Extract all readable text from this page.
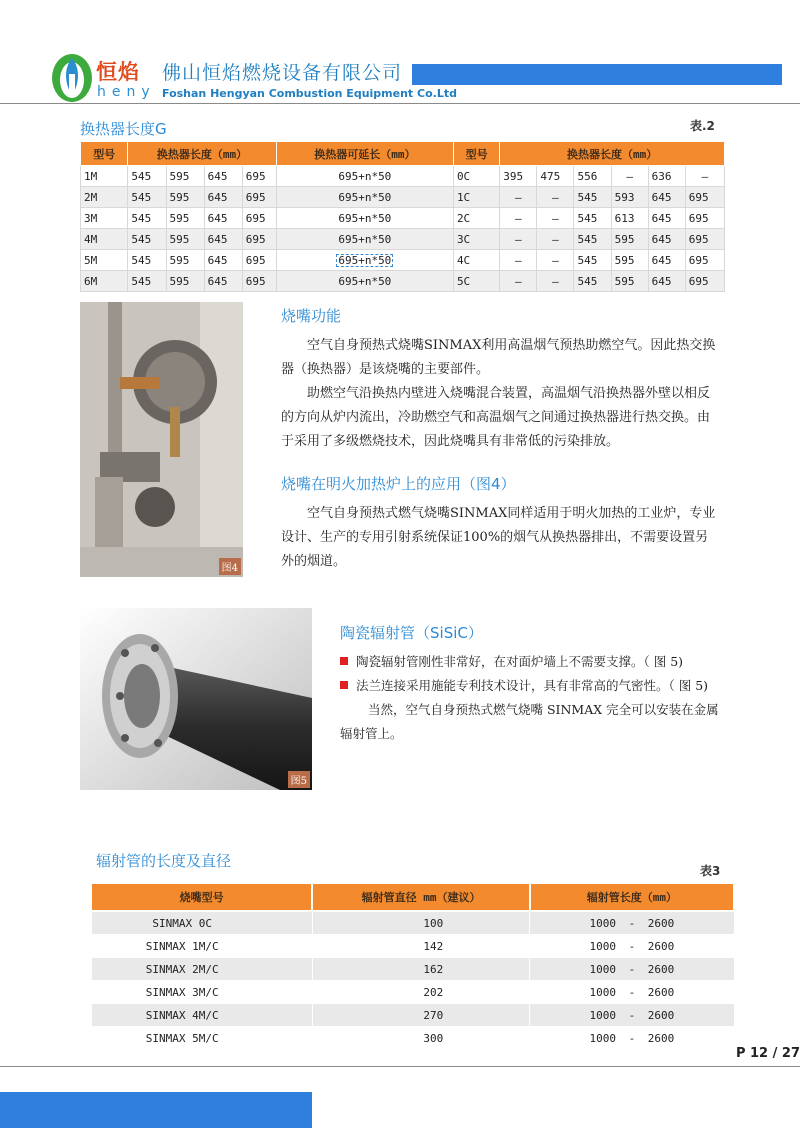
恒焰
heny
佛山恒焰燃烧设备有限公司
Foshan Hengyan Combustion Equipment Co.Ltd
换热器长度G	表.2
型号	换热器长度（mm）				换热器可延长（mm）	型号	换热器长度（mm）					
1M	545	595	645	695	695+n*50	0C	395	475	556	—	636	—
2M	545	595	645	695	695+n*50	1C	—	—	545	593	645	695
3M	545	595	645	695	695+n*50	2C	—	—	545	613	645	695
4M	545	595	645	695	695+n*50	3C	—	—	545	595	645	695
5M	545	595	645	695	695+n*50	4C	—	—	545	595	645	695
6M	545	595	645	695	695+n*50	5C	—	—	545	595	645	695
图4
烧嘴功能
空气自身预热式烧嘴SINMAX利用高温烟气预热助燃空气。因此热交换器（换热器）是该烧嘴的主要部件。
助燃空气沿换热内壁进入烧嘴混合装置，高温烟气沿换热器外壁以相反的方向从炉内流出，冷助燃空气和高温烟气之间通过换热器进行热交换。由于采用了多级燃烧技术，因此烧嘴具有非常低的污染排放。
烧嘴在明火加热炉上的应用（图4）
空气自身预热式燃气烧嘴SINMAX同样适用于明火加热的工业炉，专业设计、生产的专用引射系统保证100%的烟气从换热器排出，不需要设置另外的烟道。
图5
陶瓷辐射管（SiSiC）
陶瓷辐射管刚性非常好，在对面炉墙上不需要支撑。（ 图 5)
法兰连接采用施能专利技术设计，具有非常高的气密性。（ 图 5)
当然，空气自身预热式燃气烧嘴 SINMAX 完全可以安装在金属辐射管上。
辐射管的长度及直径
表3
烧嘴型号	辐射管直径 mm（建议）	辐射管长度（mm）
SINMAX 0C	100	1000 - 2600
SINMAX 1M/C	142	1000 - 2600
SINMAX 2M/C	162	1000 - 2600
SINMAX 3M/C	202	1000 - 2600
SINMAX 4M/C	270	1000 - 2600
SINMAX 5M/C	300	1000 - 2600
P 12 / 27
